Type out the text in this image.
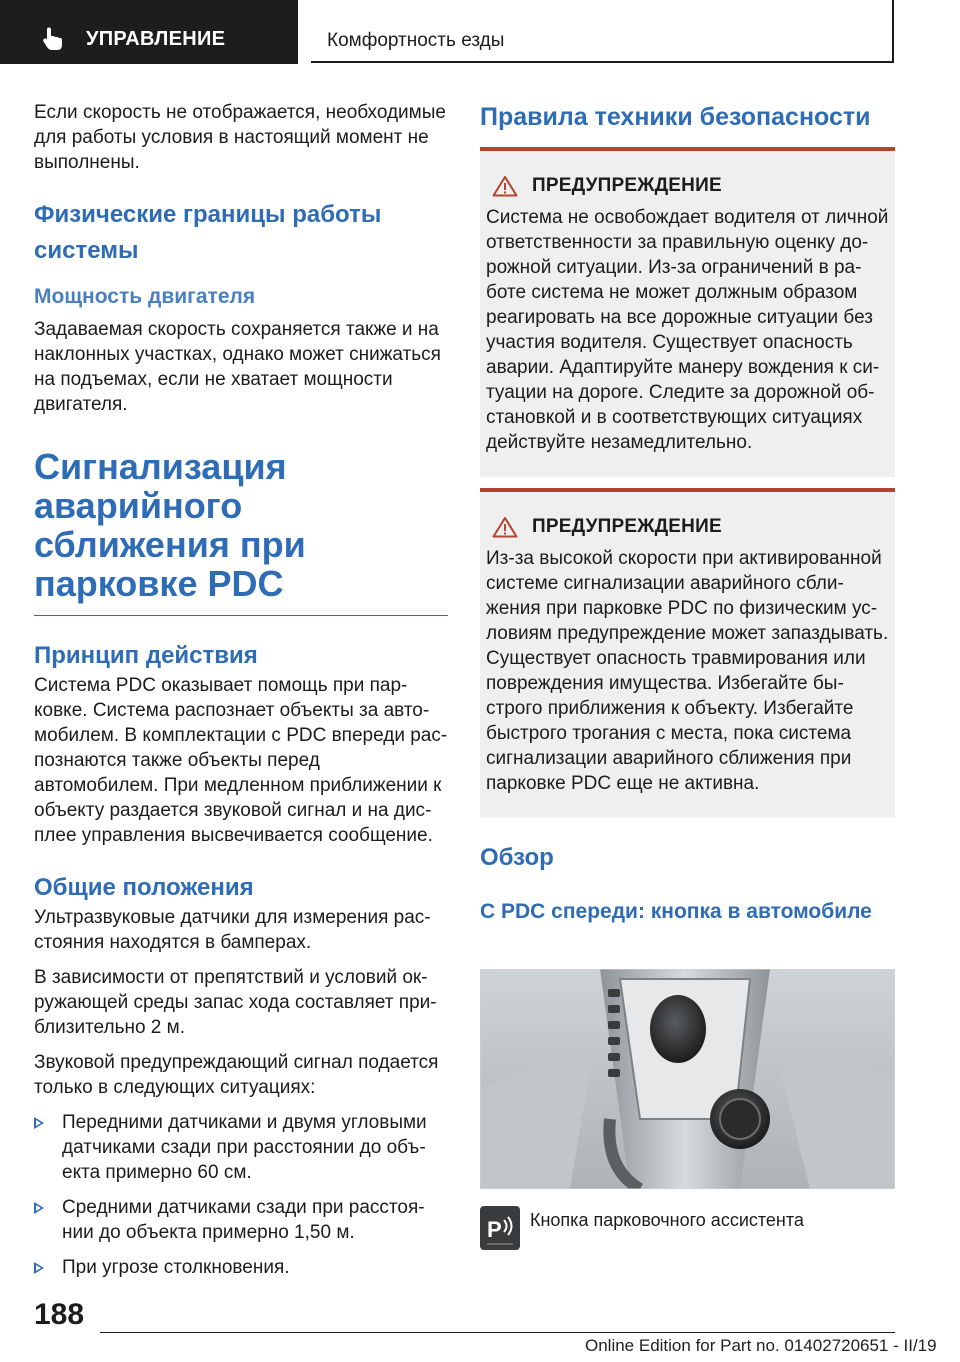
УПРАВЛЕНИЕ	Комфортность езды

Если скорость не отображается, необходимые для работы условия в настоящий момент не выполнены.

Физические границы работы системы
Мощность двигателя

Задаваемая скорость сохраняется также и на наклонных участках, однако может снижаться на подъемах, если не хватает мощности двигателя.

Сигнализация аварийного сближения при парковке PDC
Принцип действия

Система PDC оказывает помощь при парковке. Система распознает объекты за автомобилем. В комплектации с PDC впереди распознаются также объекты перед автомобилем. При медленном приближении к объекту раздается звуковой сигнал и на дисплее управления высвечивается сообщение.

Общие положения

Ультразвуковые датчики для измерения расстояния находятся в бамперах.

В зависимости от препятствий и условий окружающей среды запас хода составляет приблизительно 2 м.

Звуковой предупреждающий сигнал подается только в следующих ситуациях:

Передними датчиками и двумя угловыми датчиками сзади при расстоянии до объекта примерно 60 см.

Средними датчиками сзади при расстоянии до объекта примерно 1,50 м.

При угрозе столкновения.

Правила техники безопасности
ПРЕДУПРЕЖДЕНИЕ

Система не освобождает водителя от личной ответственности за правильную оценку дорожной ситуации. Из-за ограничений в работе система не может должным образом реагировать на все дорожные ситуации без участия водителя. Существует опасность аварии. Адаптируйте манеру вождения к ситуации на дороге. Следите за дорожной обстановкой и в соответствующих ситуациях действуйте незамедлительно.

ПРЕДУПРЕЖДЕНИЕ

Из-за высокой скорости при активированной системе сигнализации аварийного сближения при парковке PDC по физическим условиям предупреждение может запаздывать. Существует опасность травмирования или повреждения имущества. Избегайте быстрого приближения к объекту. Избегайте быстрого трогания с места, пока система сигнализации аварийного сближения при парковке PDC еще не активна.

Обзор
С PDC спереди: кнопка в автомобиле
P Кнопка парковочного ассистента

188
Online Edition for Part no. 01402720651 - II/19
